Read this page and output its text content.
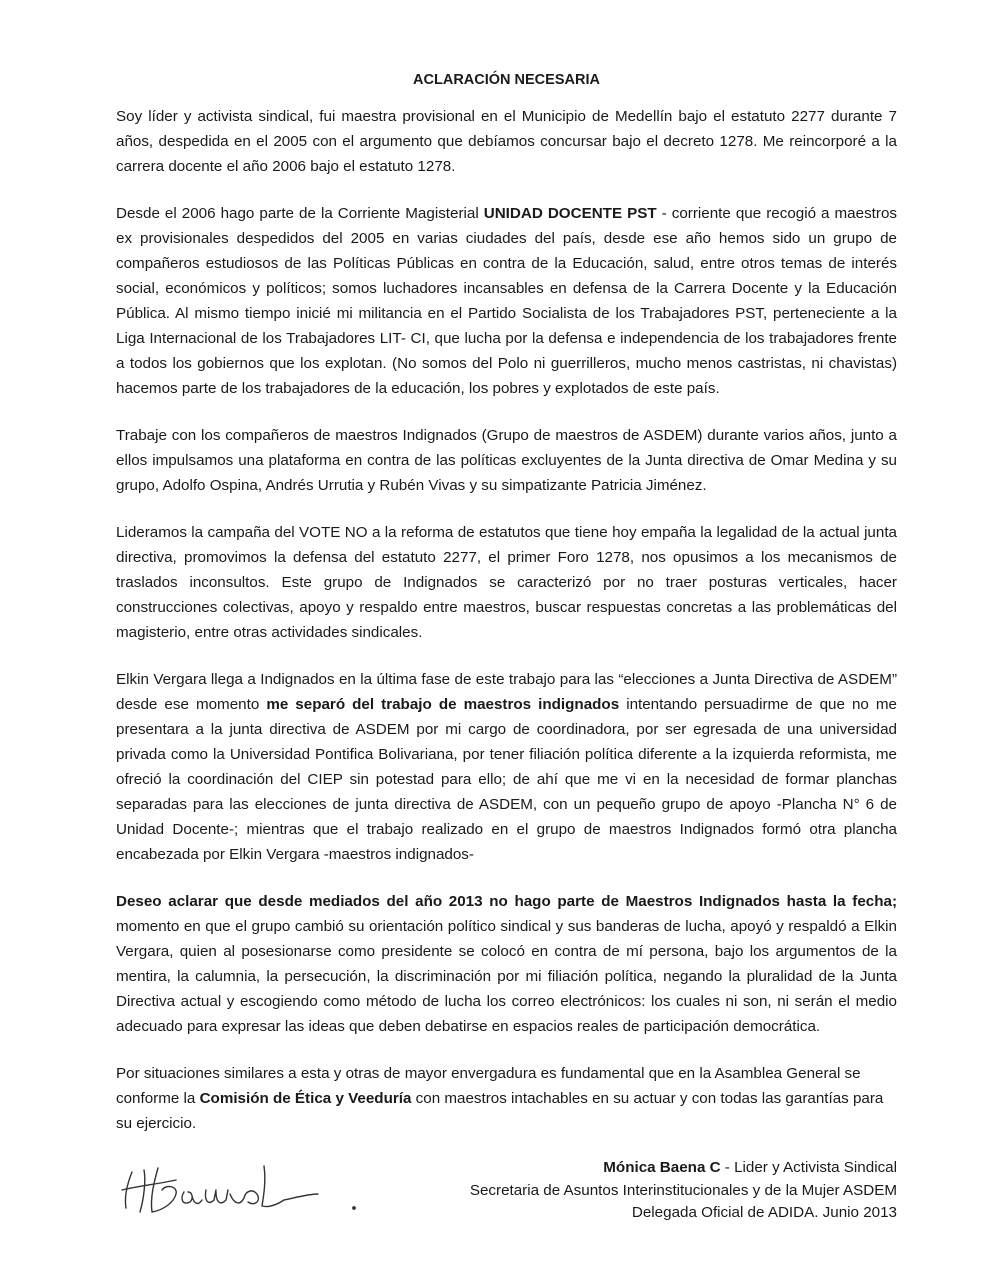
ACLARACIÓN NECESARIA

Soy líder y activista sindical, fui maestra provisional en el Municipio de Medellín bajo el estatuto 2277 durante 7 años, despedida en el 2005 con el argumento que debíamos concursar bajo el decreto 1278. Me reincorporé a la carrera docente el año 2006 bajo el estatuto 1278.

Desde el 2006 hago parte de la Corriente Magisterial UNIDAD DOCENTE PST - corriente que recogió a maestros ex provisionales despedidos del 2005 en varias ciudades del país, desde ese año hemos sido un grupo de compañeros estudiosos de las Políticas Públicas en contra de la Educación, salud, entre otros temas de interés social, económicos y políticos; somos luchadores incansables en defensa de la Carrera Docente y la Educación Pública. Al mismo tiempo inicié mi militancia en el Partido Socialista de los Trabajadores PST, perteneciente a la Liga Internacional de los Trabajadores LIT- CI, que lucha por la defensa e independencia de los trabajadores frente a todos los gobiernos que los explotan. (No somos del Polo ni guerrilleros, mucho menos castristas, ni chavistas) hacemos parte de los trabajadores de la educación, los pobres y explotados de este país.

Trabaje con los compañeros de maestros Indignados (Grupo de maestros de ASDEM) durante varios años, junto a ellos impulsamos una plataforma en contra de las políticas excluyentes de la Junta directiva de Omar Medina y su grupo, Adolfo Ospina, Andrés Urrutia y Rubén Vivas y su simpatizante Patricia Jiménez.

Lideramos la campaña del VOTE NO a la reforma de estatutos que tiene hoy empaña la legalidad de la actual junta directiva, promovimos la defensa del estatuto 2277, el primer Foro 1278, nos opusimos a los mecanismos de traslados inconsultos. Este grupo de Indignados se caracterizó por no traer posturas verticales, hacer construcciones colectivas, apoyo y respaldo entre maestros, buscar respuestas concretas a las problemáticas del magisterio, entre otras actividades sindicales.

Elkin Vergara llega a Indignados en la última fase de este trabajo para las “elecciones a Junta Directiva de ASDEM” desde ese momento me separó del trabajo de maestros indignados intentando persuadirme de que no me presentara a la junta directiva de ASDEM por mi cargo de coordinadora, por ser egresada de una universidad privada como la Universidad Pontifica Bolivariana, por tener filiación política diferente a la izquierda reformista, me ofreció la coordinación del CIEP sin potestad para ello; de ahí que me vi en la necesidad de formar planchas separadas para las elecciones de junta directiva de ASDEM, con un pequeño grupo de apoyo -Plancha N° 6 de Unidad Docente-; mientras que el trabajo realizado en el grupo de maestros Indignados formó otra plancha encabezada por Elkin Vergara -maestros indignados-

Deseo aclarar que desde mediados del año 2013 no hago parte de Maestros Indignados hasta la fecha; momento en que el grupo cambió su orientación político sindical y sus banderas de lucha, apoyó y respaldó a Elkin Vergara, quien al posesionarse como presidente se colocó en contra de mí persona, bajo los argumentos de la mentira, la calumnia, la persecución, la discriminación por mi filiación política, negando la pluralidad de la Junta Directiva actual y escogiendo como método de lucha los correo electrónicos: los cuales ni son, ni serán el medio adecuado para expresar las ideas que deben debatirse en espacios reales de participación democrática.

Por situaciones similares a esta y otras de mayor envergadura es fundamental que en la Asamblea General se conforme la Comisión de Ética y Veeduría con maestros intachables en su actuar y con todas las garantías para su ejercicio.

Mónica Baena C - Lider y Activista Sindical
Secretaria de Asuntos Interinstitucionales y de la Mujer ASDEM
Delegada Oficial de ADIDA. Junio 2013
